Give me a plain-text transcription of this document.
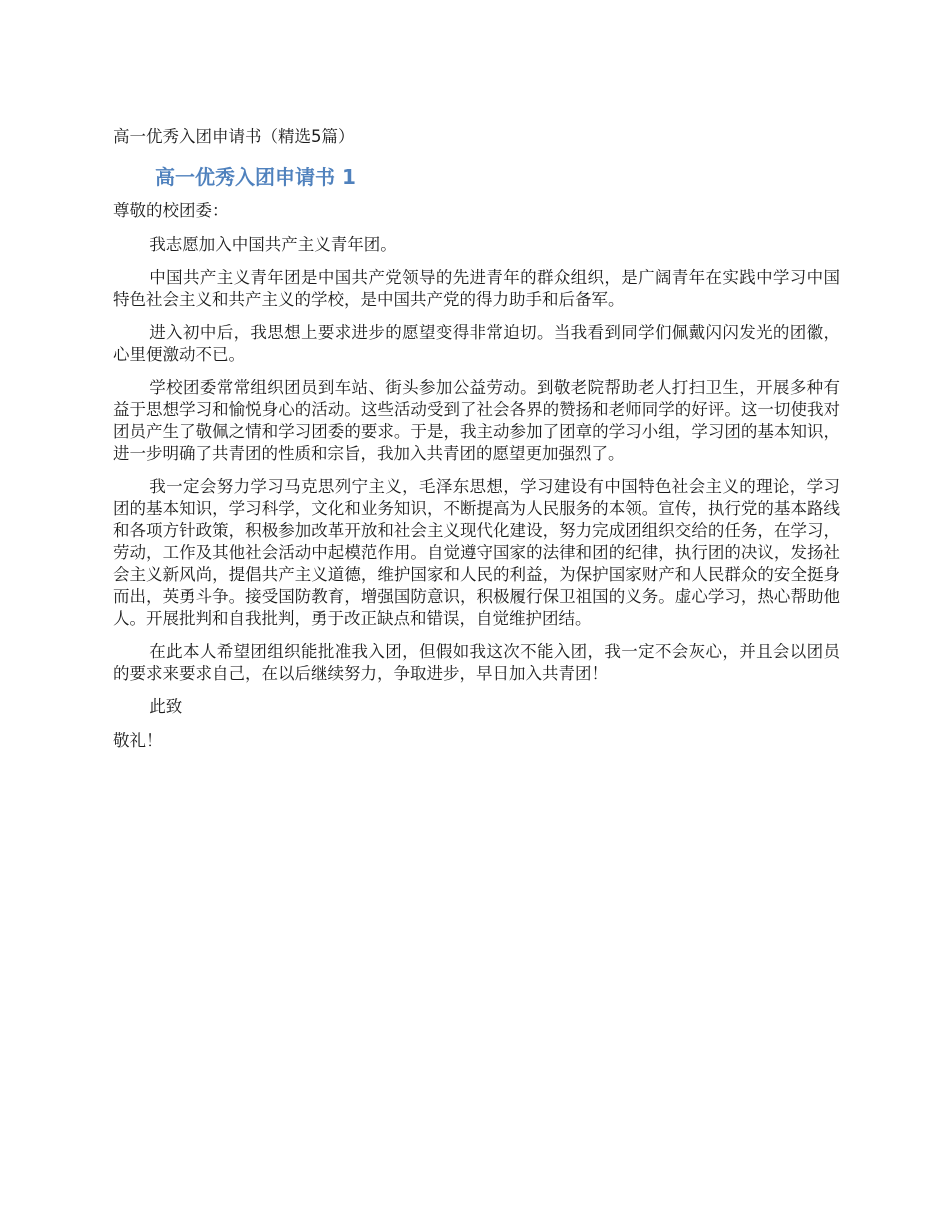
高一优秀入团申请书（精选5篇）
高一优秀入团申请书 1
尊敬的校团委：

我志愿加入中国共产主义青年团。

中国共产主义青年团是中国共产党领导的先进青年的群众组织，是广阔青年在实践中学习中国特色社会主义和共产主义的学校，是中国共产党的得力助手和后备军。

进入初中后，我思想上要求进步的愿望变得非常迫切。当我看到同学们佩戴闪闪发光的团徽，心里便激动不已。

学校团委常常组织团员到车站、街头参加公益劳动。到敬老院帮助老人打扫卫生，开展多种有益于思想学习和愉悦身心的活动。这些活动受到了社会各界的赞扬和老师同学的好评。这一切使我对团员产生了敬佩之情和学习团委的要求。于是，我主动参加了团章的学习小组，学习团的基本知识，进一步明确了共青团的性质和宗旨，我加入共青团的愿望更加强烈了。

我一定会努力学习马克思列宁主义，毛泽东思想，学习建设有中国特色社会主义的理论，学习团的基本知识，学习科学，文化和业务知识，不断提高为人民服务的本领。宣传，执行党的基本路线和各项方针政策，积极参加改革开放和社会主义现代化建设，努力完成团组织交给的任务，在学习，劳动，工作及其他社会活动中起模范作用。自觉遵守国家的法律和团的纪律，执行团的决议，发扬社会主义新风尚，提倡共产主义道德，维护国家和人民的利益，为保护国家财产和人民群众的安全挺身而出，英勇斗争。接受国防教育，增强国防意识，积极履行保卫祖国的义务。虚心学习，热心帮助他人。开展批判和自我批判，勇于改正缺点和错误，自觉维护团结。

在此本人希望团组织能批准我入团，但假如我这次不能入团，我一定不会灰心，并且会以团员的要求来要求自己，在以后继续努力，争取进步，早日加入共青团！

此致

敬礼！
